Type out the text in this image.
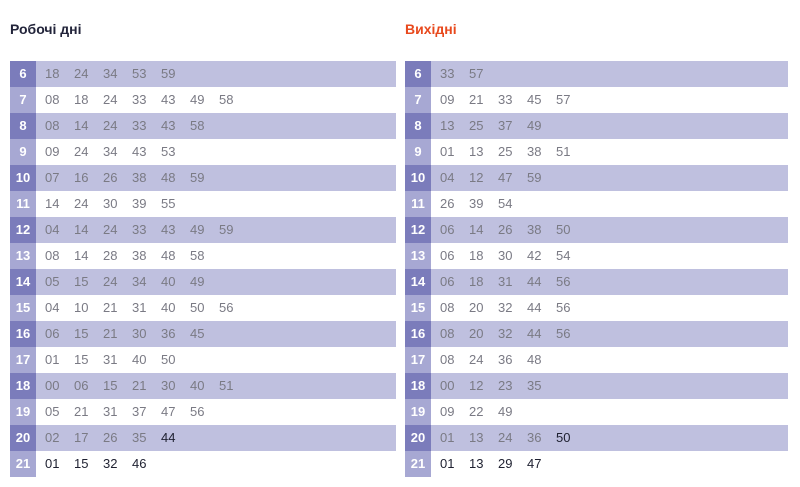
Робочі дні
6	18	24	34	53	59
7	08	18	24	33	43	49	58
8	08	14	24	33	43	58
9	09	24	34	43	53
10	07	16	26	38	48	59
11	14	24	30	39	55
12	04	14	24	33	43	49	59
13	08	14	28	38	48	58
14	05	15	24	34	40	49
15	04	10	21	31	40	50	56
16	06	15	21	30	36	45
17	01	15	31	40	50
18	00	06	15	21	30	40	51
19	05	21	31	37	47	56
20	02	17	26	35	44
21	01	15	32	46
Вихідні
6	33	57
7	09	21	33	45	57
8	13	25	37	49
9	01	13	25	38	51
10	04	12	47	59
11	26	39	54
12	06	14	26	38	50
13	06	18	30	42	54
14	06	18	31	44	56
15	08	20	32	44	56
16	08	20	32	44	56
17	08	24	36	48
18	00	12	23	35
19	09	22	49
20	01	13	24	36	50
21	01	13	29	47
